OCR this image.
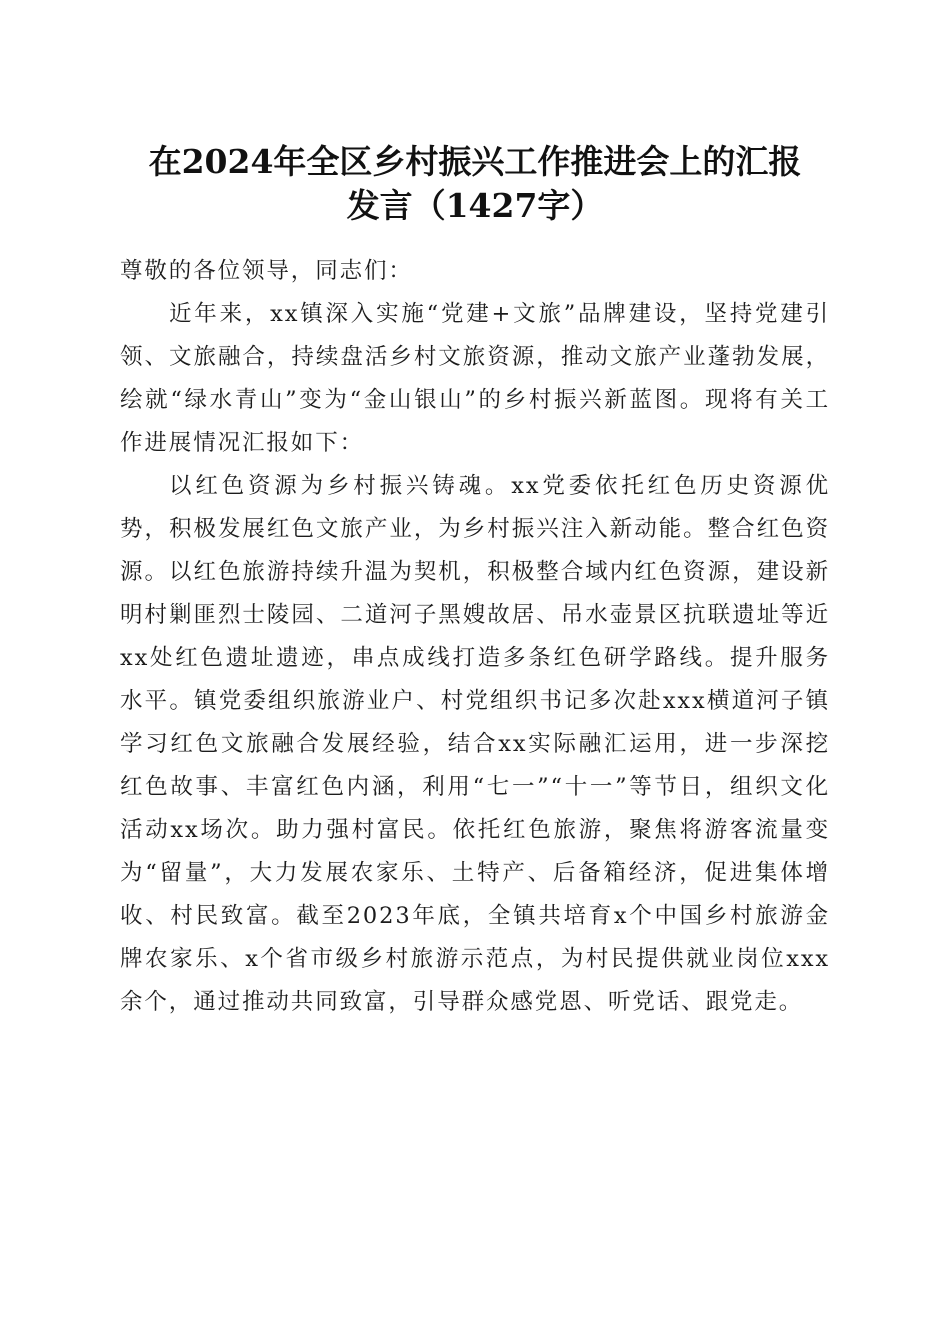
在2024年全区乡村振兴工作推进会上的汇报
发言（1427字）

尊敬的各位领导，同志们：

近年来，xx镇深入实施“党建+文旅”品牌建设，坚持党建引领、文旅融合，持续盘活乡村文旅资源，推动文旅产业蓬勃发展，绘就“绿水青山”变为“金山银山”的乡村振兴新蓝图。现将有关工作进展情况汇报如下：

以红色资源为乡村振兴铸魂。xx党委依托红色历史资源优势，积极发展红色文旅产业，为乡村振兴注入新动能。整合红色资源。以红色旅游持续升温为契机，积极整合域内红色资源，建设新明村剿匪烈士陵园、二道河子黑嫂故居、吊水壶景区抗联遗址等近xx处红色遗址遗迹，串点成线打造多条红色研学路线。提升服务水平。镇党委组织旅游业户、村党组织书记多次赴xxx横道河子镇学习红色文旅融合发展经验，结合xx实际融汇运用，进一步深挖红色故事、丰富红色内涵，利用“七一”“十一”等节日，组织文化活动xx场次。助力强村富民。依托红色旅游，聚焦将游客流量变为“留量”，大力发展农家乐、土特产、后备箱经济，促进集体增收、村民致富。截至2023年底，全镇共培育x个中国乡村旅游金牌农家乐、x个省市级乡村旅游示范点，为村民提供就业岗位xxx余个，通过推动共同致富，引导群众感党恩、听党话、跟党走。
